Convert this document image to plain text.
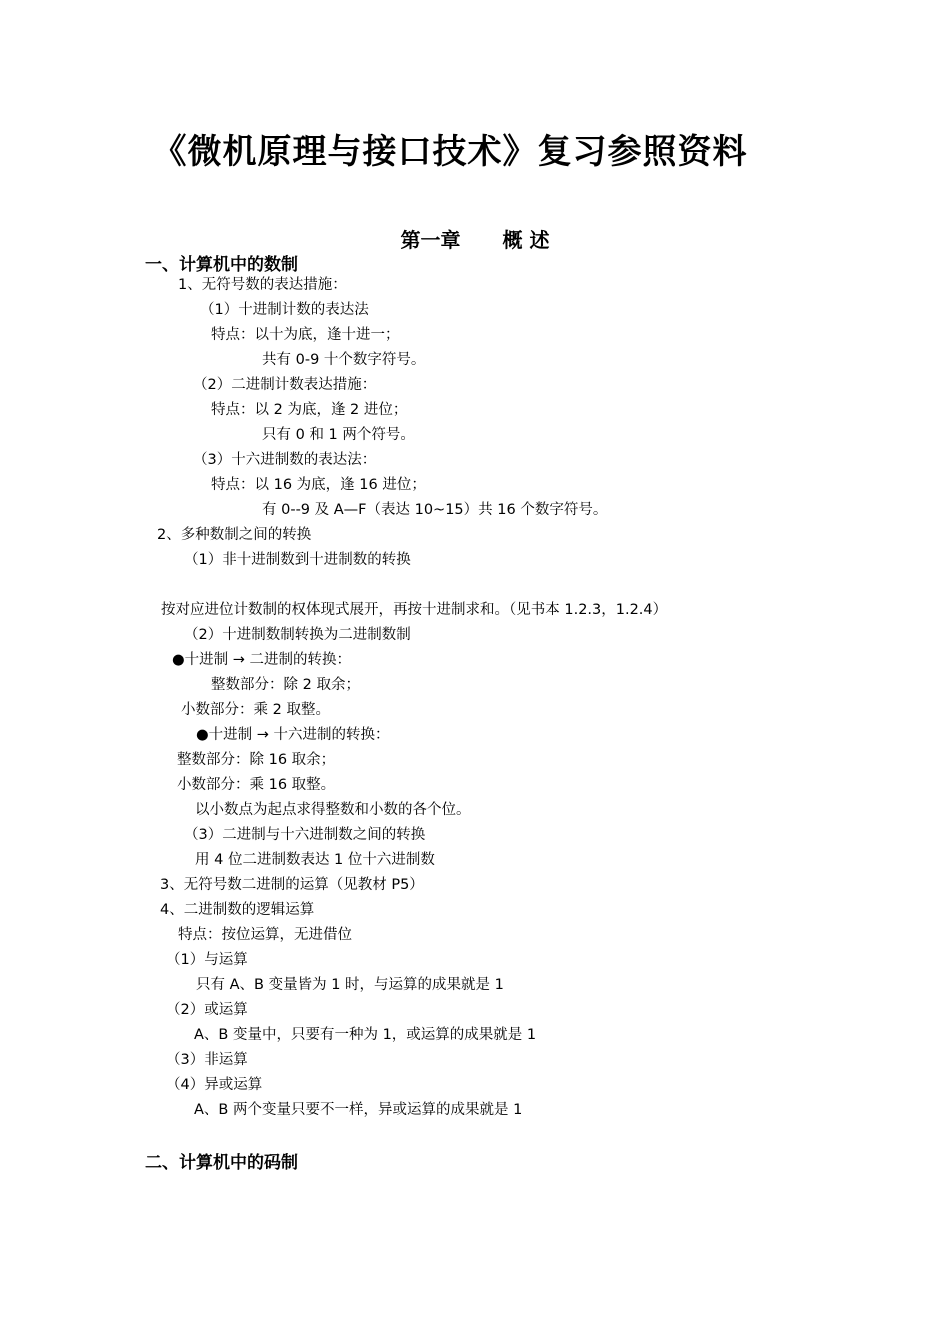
《微机原理与接口技术》复习参照资料
第一章 概 述
一、计算机中的数制
1、无符号数的表达措施：
（1）十进制计数的表达法
特点：以十为底，逢十进一；
共有 0-9 十个数字符号。
（2）二进制计数表达措施：
特点：以 2 为底，逢 2 进位；
只有 0 和 1 两个符号。
（3）十六进制数的表达法：
特点：以 16 为底，逢 16 进位；
有 0--9 及 A—F（表达 10~15）共 16 个数字符号。
2、多种数制之间的转换
（1）非十进制数到十进制数的转换
按对应进位计数制的权体现式展开，再按十进制求和。（见书本 1.2.3，1.2.4）
（2）十进制数制转换为二进制数制
●十进制 → 二进制的转换：
整数部分：除 2 取余；
小数部分：乘 2 取整。
●十进制 → 十六进制的转换：
整数部分：除 16 取余；
小数部分：乘 16 取整。
以小数点为起点求得整数和小数的各个位。
（3）二进制与十六进制数之间的转换
用 4 位二进制数表达 1 位十六进制数
3、无符号数二进制的运算（见教材 P5）
4、二进制数的逻辑运算
特点：按位运算，无进借位
（1）与运算
只有 A、B 变量皆为 1 时，与运算的成果就是 1
（2）或运算
A、B 变量中，只要有一种为 1，或运算的成果就是 1
（3）非运算
（4）异或运算
A、B 两个变量只要不一样，异或运算的成果就是 1
二、计算机中的码制
